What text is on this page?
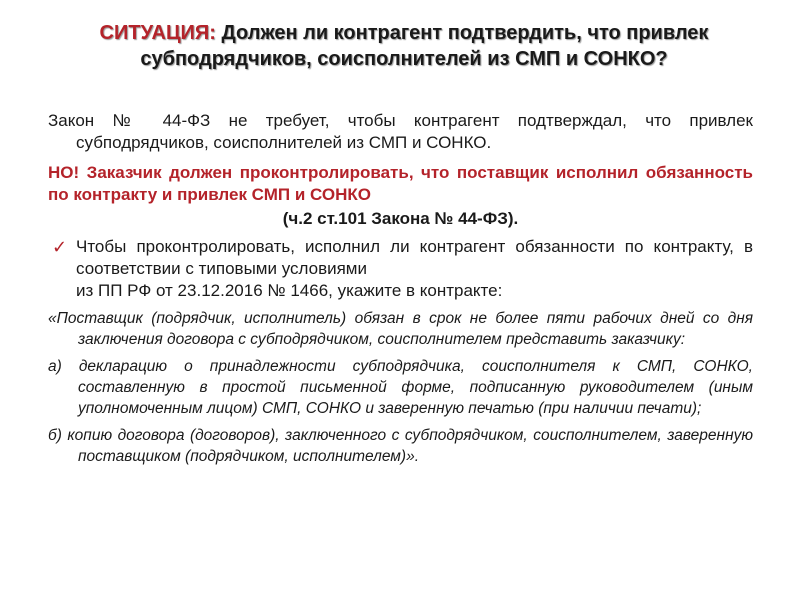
СИТУАЦИЯ: Должен ли контрагент подтвердить, что привлек субподрядчиков, соисполнителей из СМП и СОНКО?

Закон № 44-ФЗ не требует, чтобы контрагент подтверждал, что привлек субподрядчиков, соисполнителей из СМП и СОНКО.

НО! Заказчик должен проконтролировать, что поставщик исполнил обязанность по контракту и привлек СМП и СОНКО

(ч.2 ст.101 Закона № 44-ФЗ).

✓ Чтобы проконтролировать, исполнил ли контрагент обязанности по контракту, в соответствии с типовыми условиями

из ПП РФ от 23.12.2016 № 1466, укажите в контракте:

«Поставщик (подрядчик, исполнитель) обязан в срок не более пяти рабочих дней со дня заключения договора с субподрядчиком, соисполнителем представить заказчику:

а) декларацию о принадлежности субподрядчика, соисполнителя к СМП, СОНКО, составленную в простой письменной форме, подписанную руководителем (иным уполномоченным лицом) СМП, СОНКО и заверенную печатью (при наличии печати);

б) копию договора (договоров), заключенного с субподрядчиком, соисполнителем, заверенную поставщиком (подрядчиком, исполнителем)».
